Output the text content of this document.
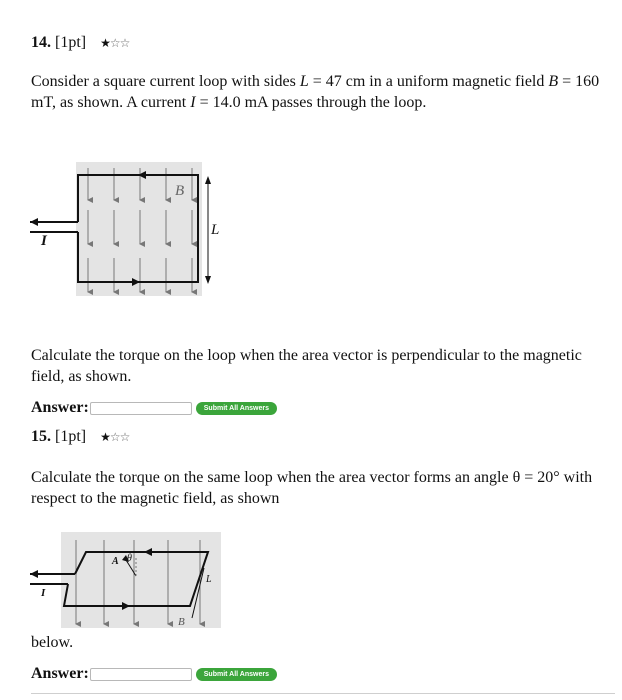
14. [1pt] ★☆☆
Consider a square current loop with sides L = 47 cm in a uniform magnetic field B = 160 mT, as shown. A current I = 14.0 mA passes through the loop.
B
L
I
Calculate the torque on the loop when the area vector is perpendicular to the magnetic field, as shown.
Answer:	Submit All Answers
15. [1pt] ★☆☆
Calculate the torque on the same loop when the area vector forms an angle θ = 20° with respect to the magnetic field, as shown
A θ
L
I
B
below.
Answer:	Submit All Answers
